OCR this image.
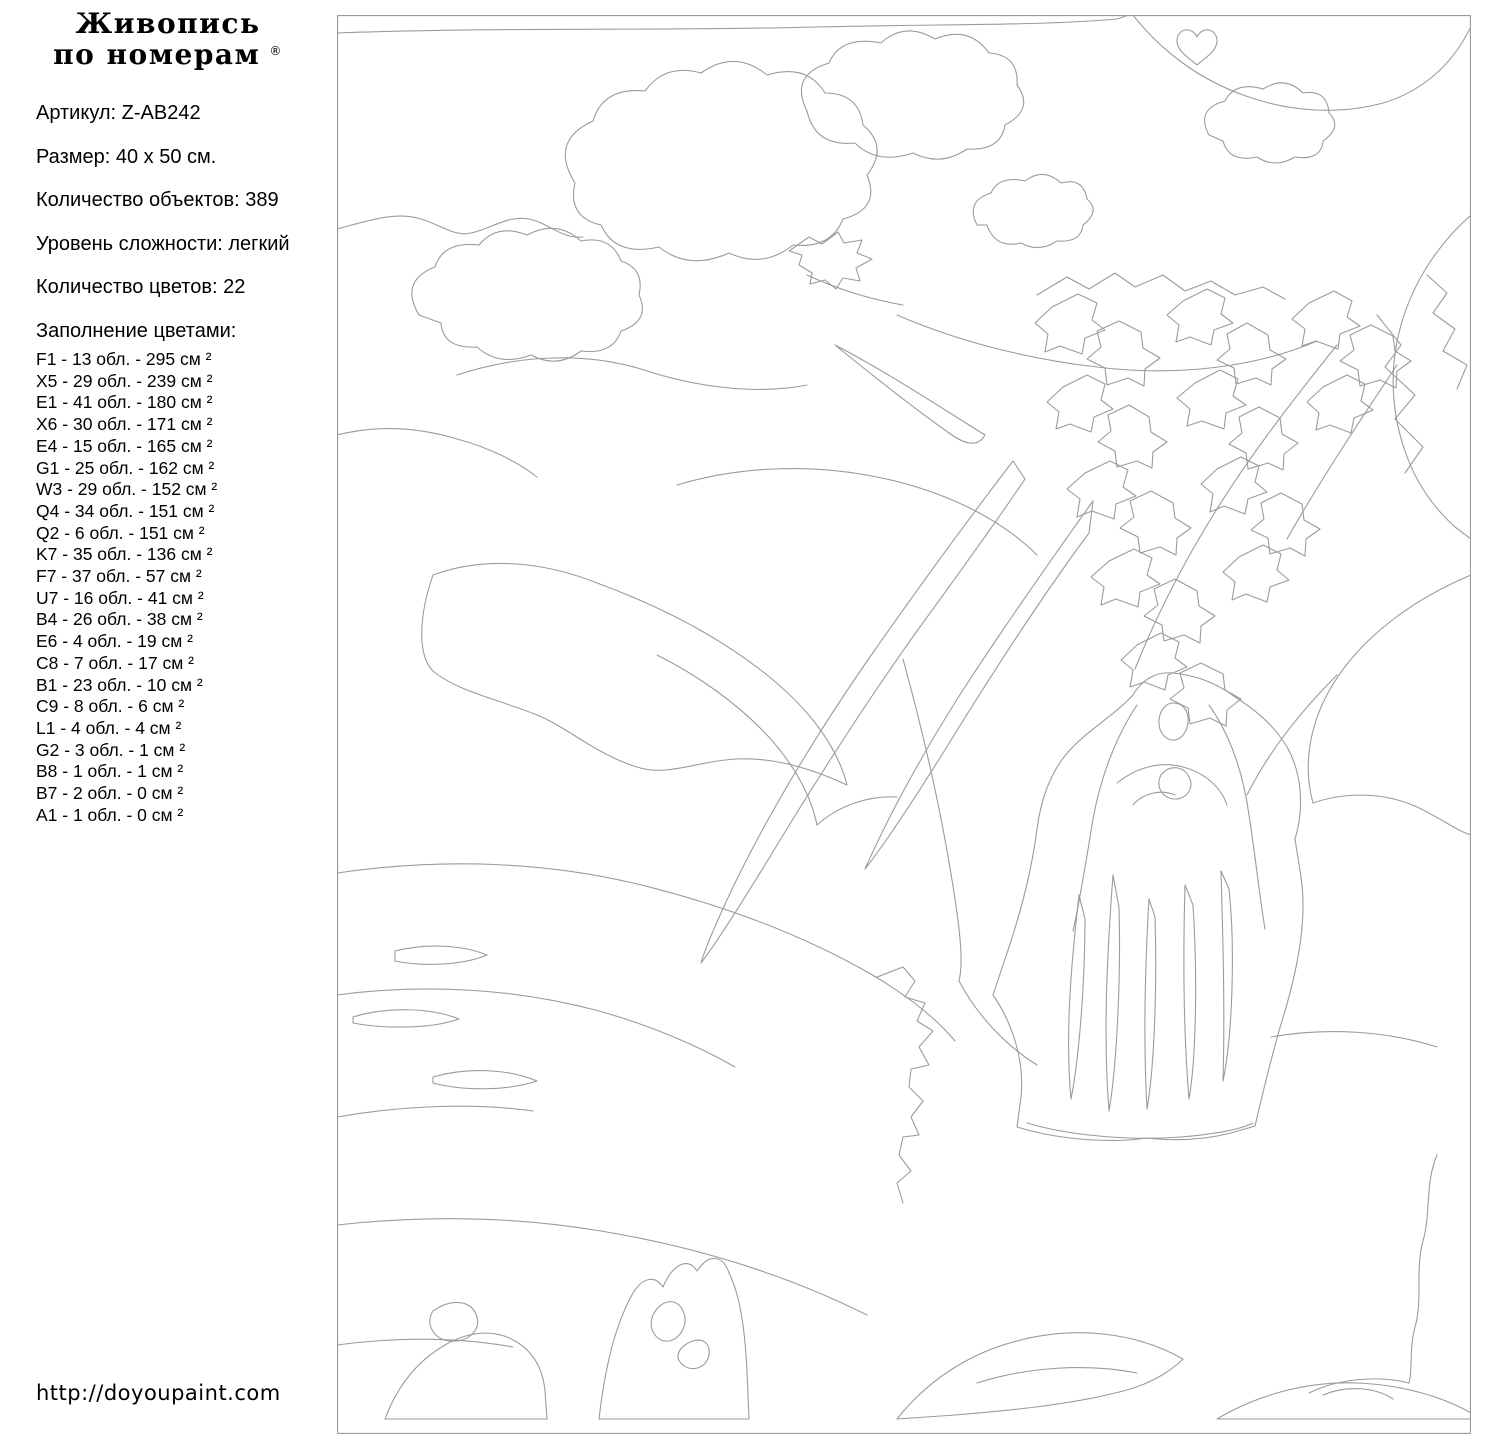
Живопись
по номерам ®
Артикул: Z-AB242
Размер: 40 x 50 см.
Количество объектов: 389
Уровень сложности: легкий
Количество цветов: 22
Заполнение цветами:
F1 - 13 обл. - 295 см ²
X5 - 29 обл. - 239 см ²
E1 - 41 обл. - 180 см ²
X6 - 30 обл. - 171 см ²
E4 - 15 обл. - 165 см ²
G1 - 25 обл. - 162 см ²
W3 - 29 обл. - 152 см ²
Q4 - 34 обл. - 151 см ²
Q2 - 6 обл. - 151 см ²
K7 - 35 обл. - 136 см ²
F7 - 37 обл. - 57 см ²
U7 - 16 обл. - 41 см ²
B4 - 26 обл. - 38 см ²
E6 - 4 обл. - 19 см ²
C8 - 7 обл. - 17 см ²
B1 - 23 обл. - 10 см ²
C9 - 8 обл. - 6 см ²
L1 - 4 обл. - 4 см ²
G2 - 3 обл. - 1 см ²
B8 - 1 обл. - 1 см ²
B7 - 2 обл. - 0 см ²
A1 - 1 обл. - 0 см ²
http://doyoupaint.com
